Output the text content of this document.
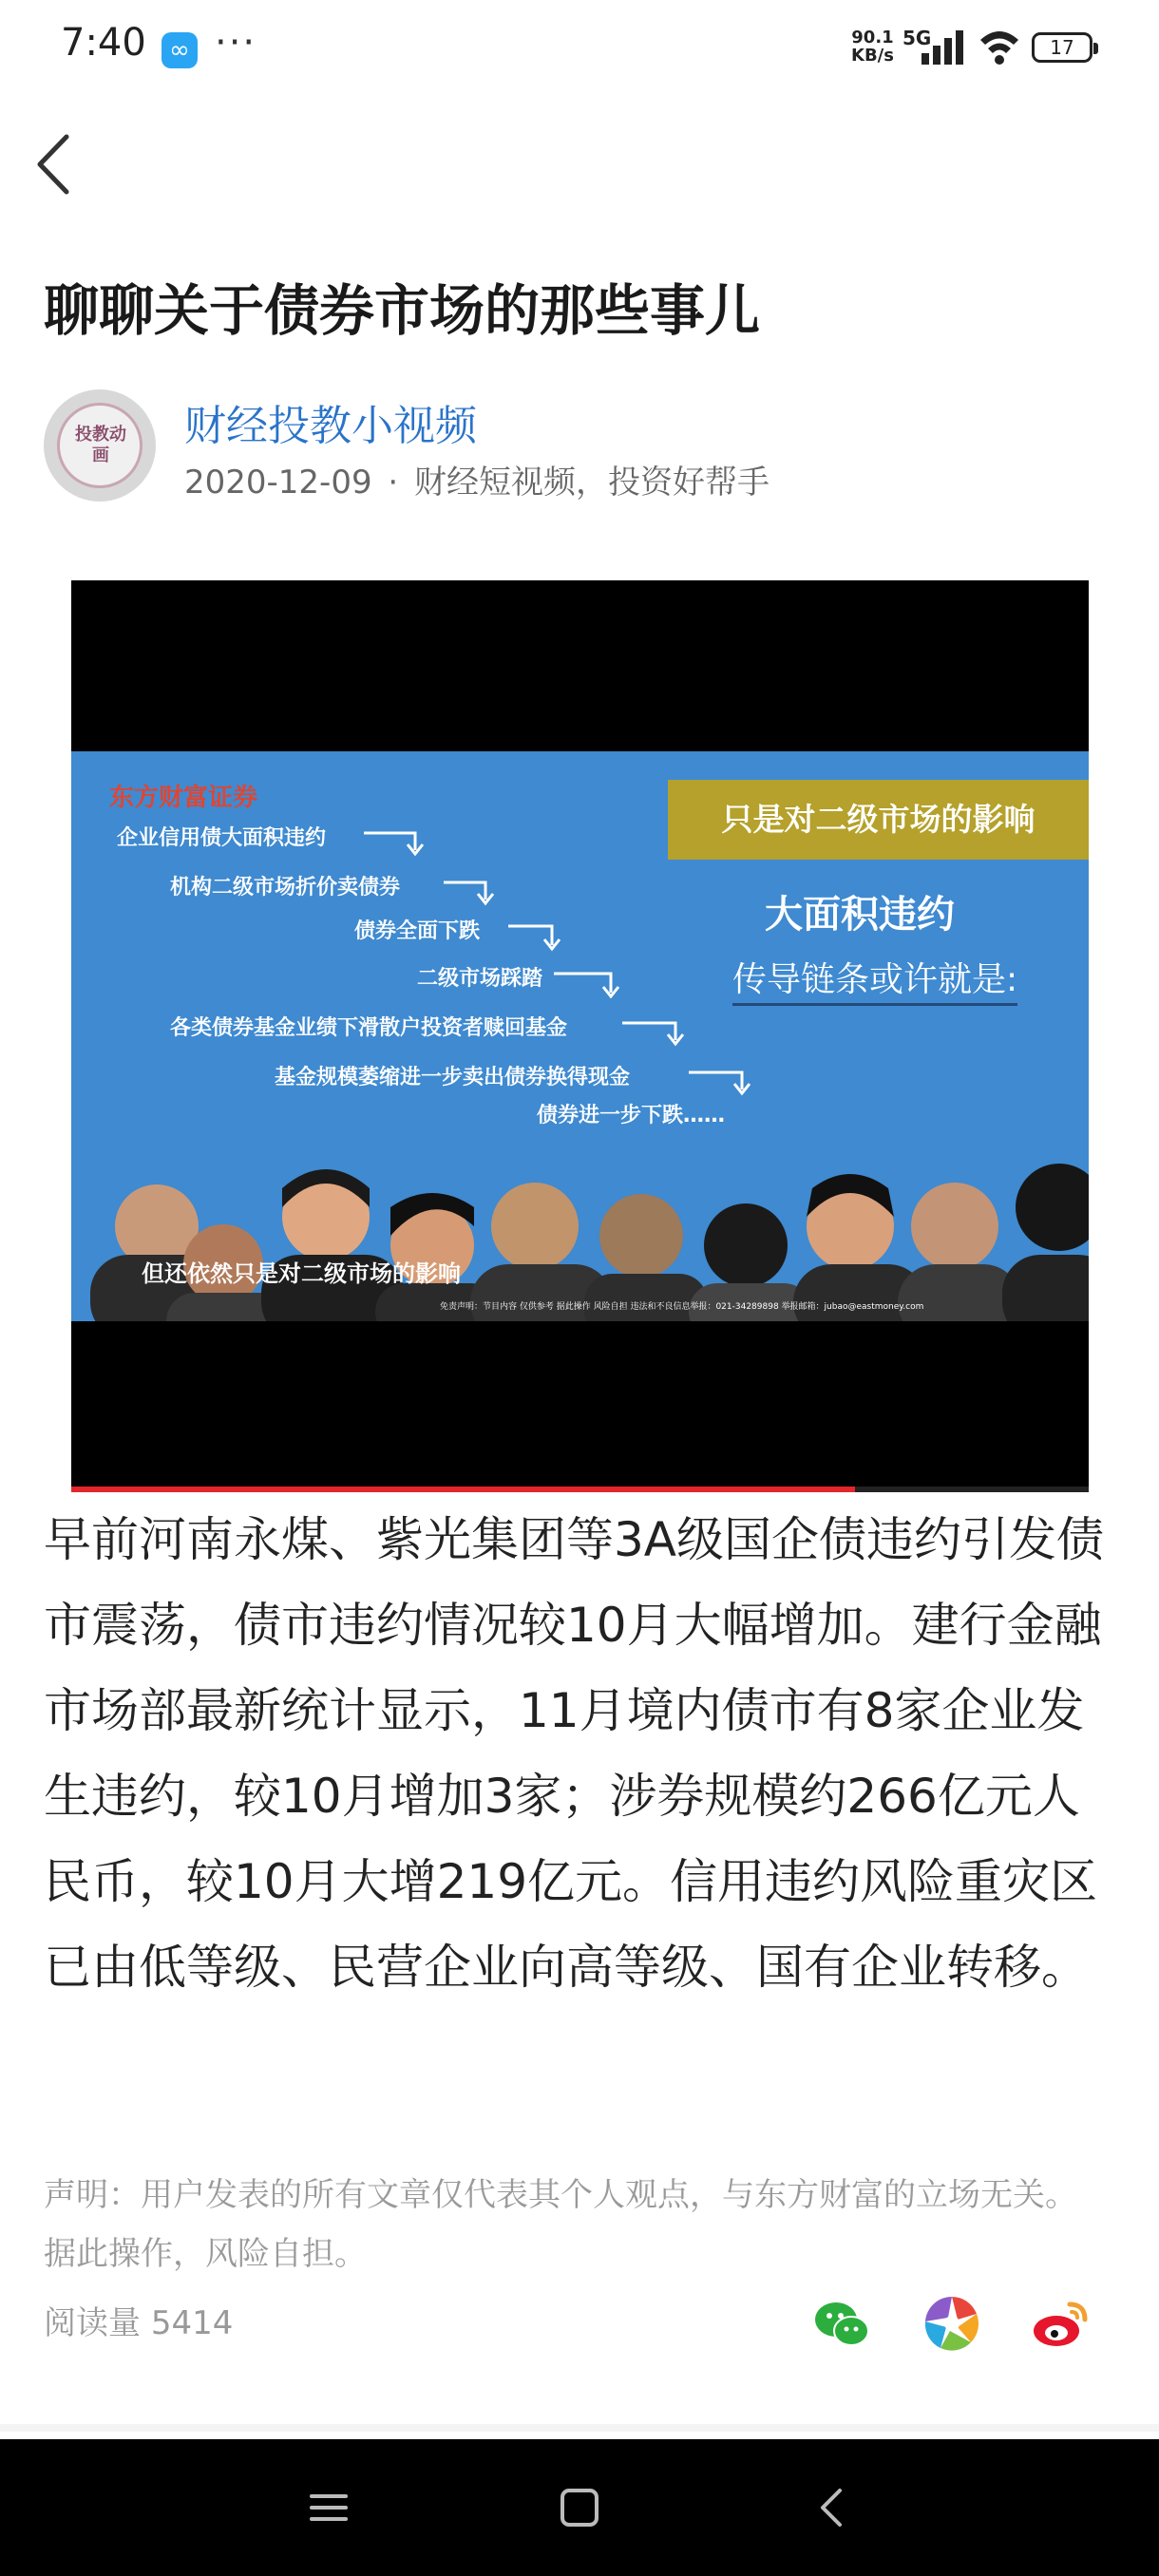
7:40 ∞ ···	90.1
KB/s
5G	17
聊聊关于债券市场的那些事儿
投教动画
财经投教小视频
2020-12-09 · 财经短视频，投资好帮手
东方财富证券
企业信用债大面积违约
机构二级市场折价卖债券
债券全面下跌
二级市场踩踏
各类债券基金业绩下滑散户投资者赎回基金
基金规模萎缩进一步卖出债券换得现金
债券进一步下跌……
只是对二级市场的影响
大面积违约
传导链条或许就是:
但还依然只是对二级市场的影响
免责声明：节目内容 仅供参考 据此操作 风险自担 违法和不良信息举报：021-34289898 举报邮箱：jubao@eastmoney.com

早前河南永煤、紫光集团等3A级国企债违约引发债市震荡，债市违约情况较10月大幅增加。建行金融市场部最新统计显示，11月境内债市有8家企业发生违约，较10月增加3家；涉券规模约266亿元人民币，较10月大增219亿元。信用违约风险重灾区已由低等级、民营企业向高等级、国有企业转移。

声明：用户发表的所有文章仅代表其个人观点，与东方财富的立场无关。据此操作，风险自担。

阅读量 5414
